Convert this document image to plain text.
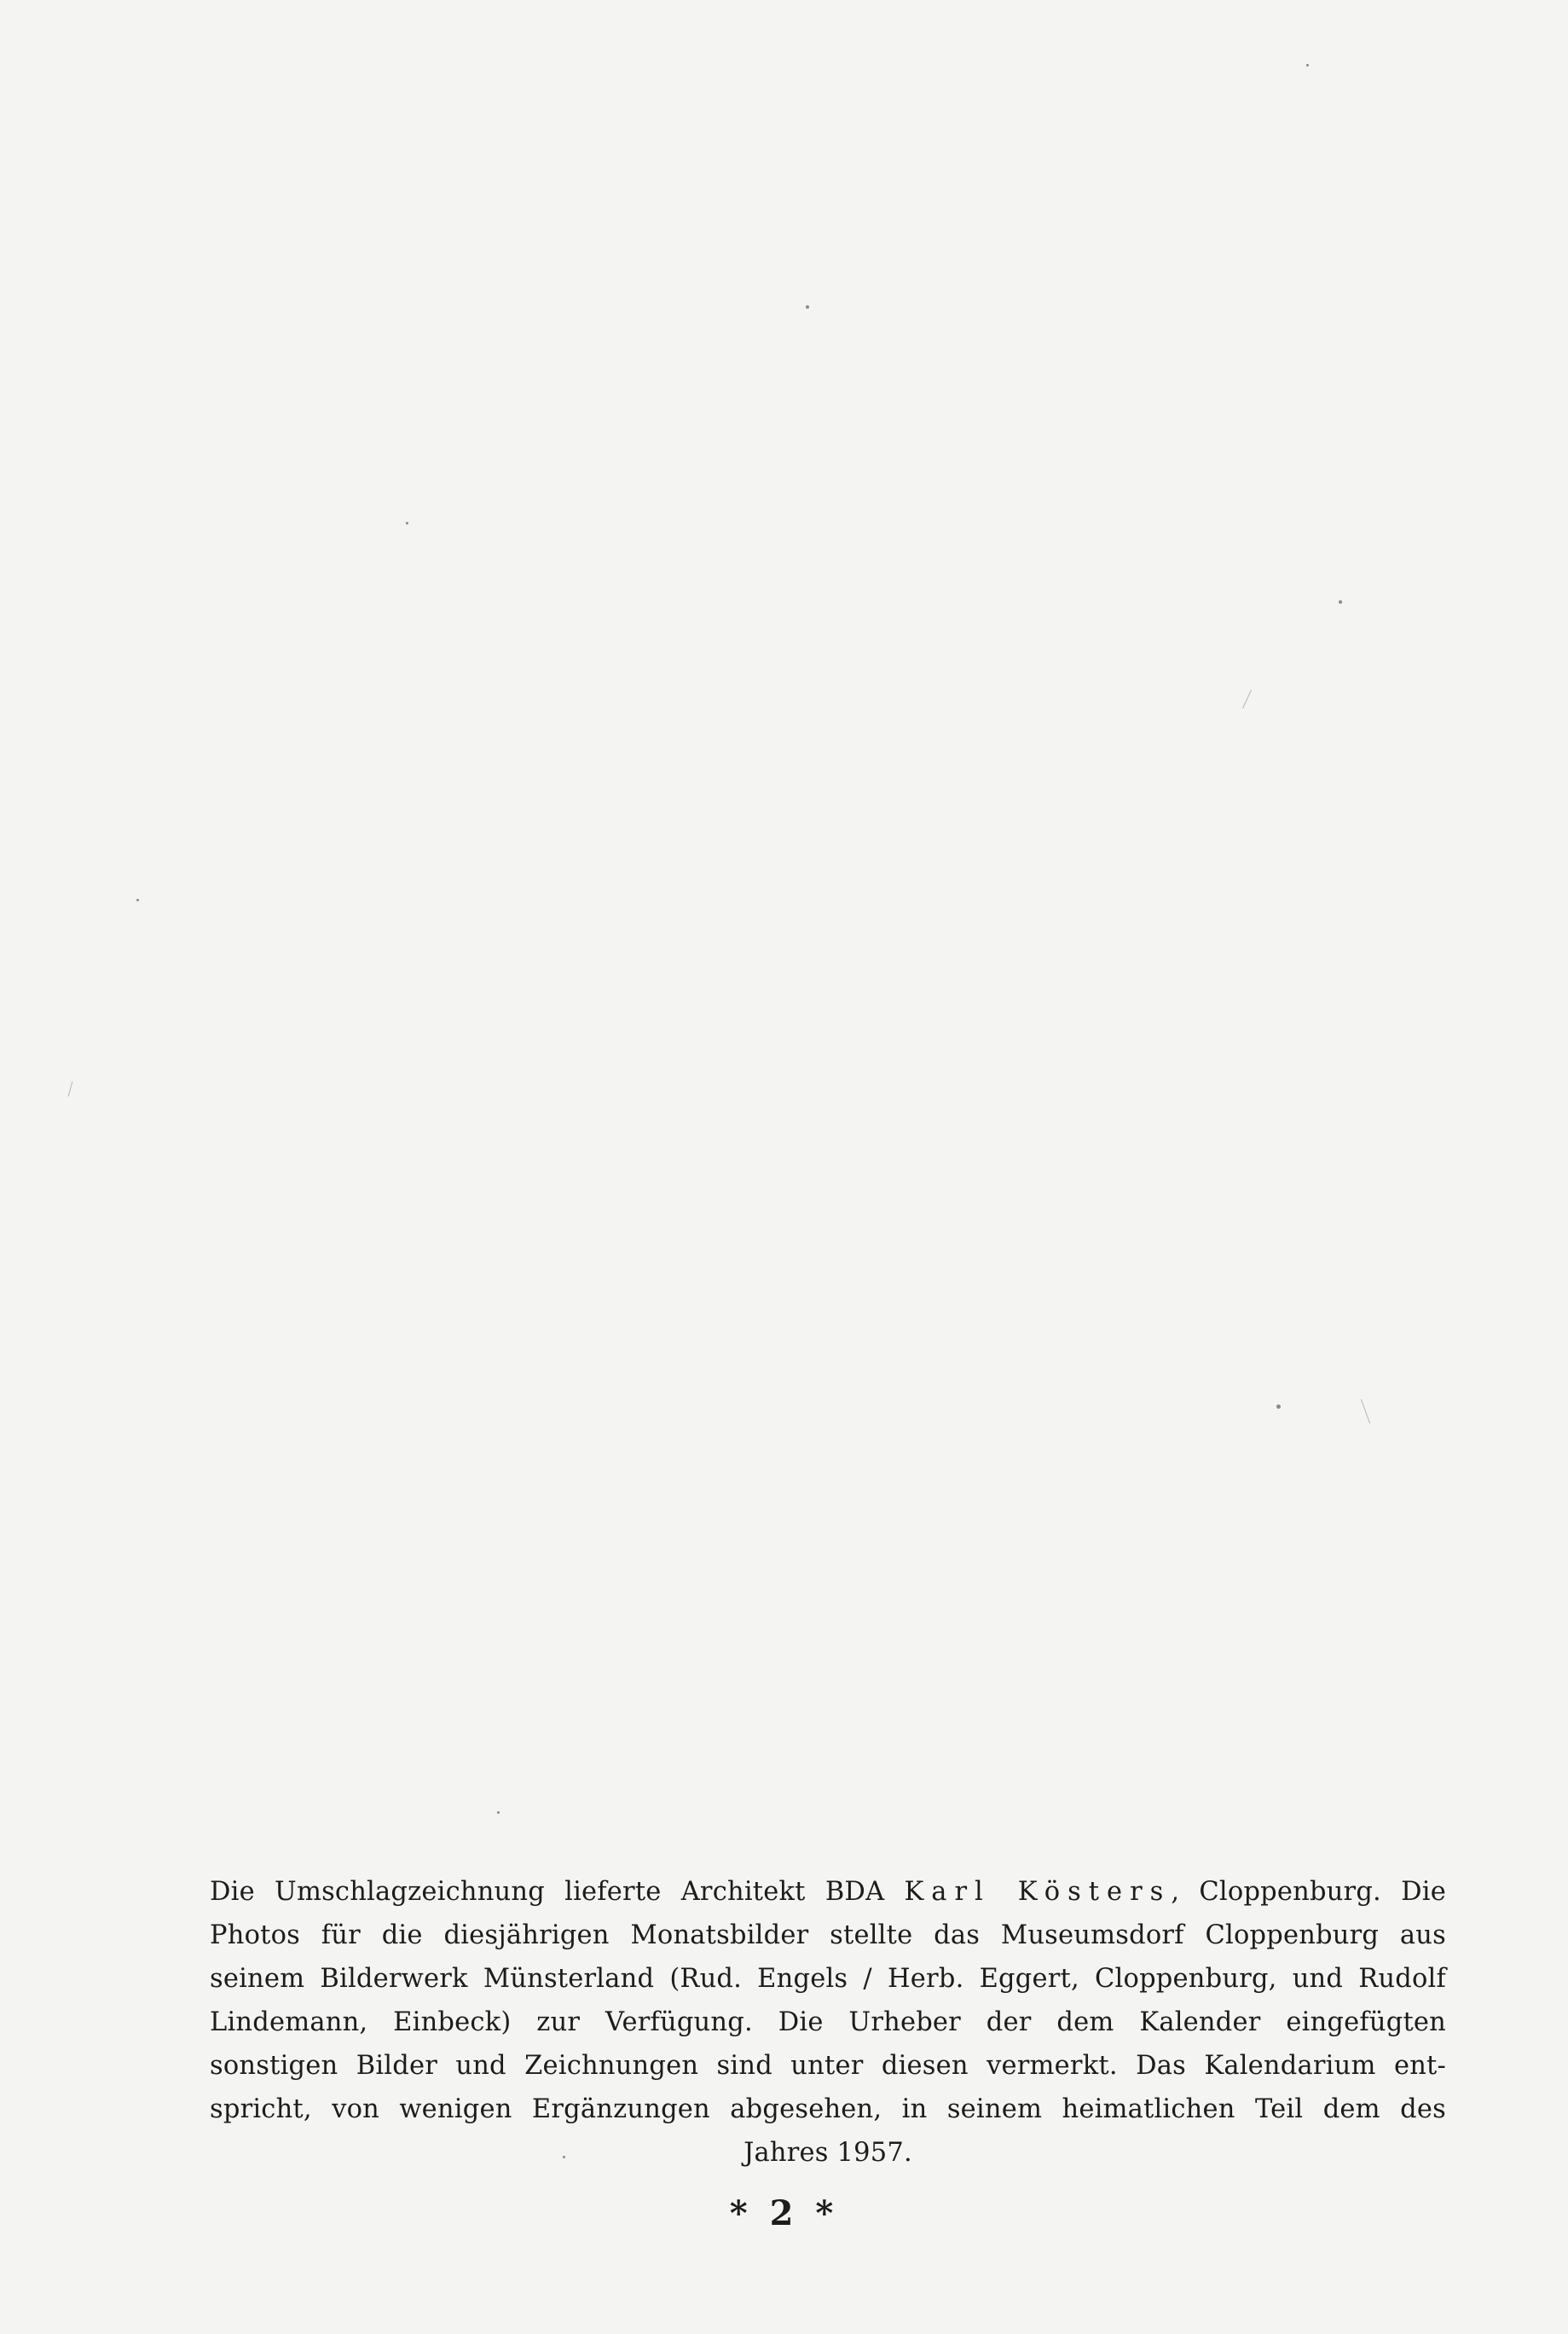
Die Umschlagzeichnung lieferte Architekt BDA Karl Kösters, Cloppenburg. Die
Photos für die diesjährigen Monatsbilder stellte das Museumsdorf Cloppenburg aus
seinem Bilderwerk Münsterland (Rud. Engels / Herb. Eggert, Cloppenburg, und Rudolf
Lindemann, Einbeck) zur Verfügung. Die Urheber der dem Kalender eingefügten
sonstigen Bilder und Zeichnungen sind unter diesen vermerkt. Das Kalendarium ent-
spricht, von wenigen Ergänzungen abgesehen, in seinem heimatlichen Teil dem des
Jahres 1957.
* 2 *
